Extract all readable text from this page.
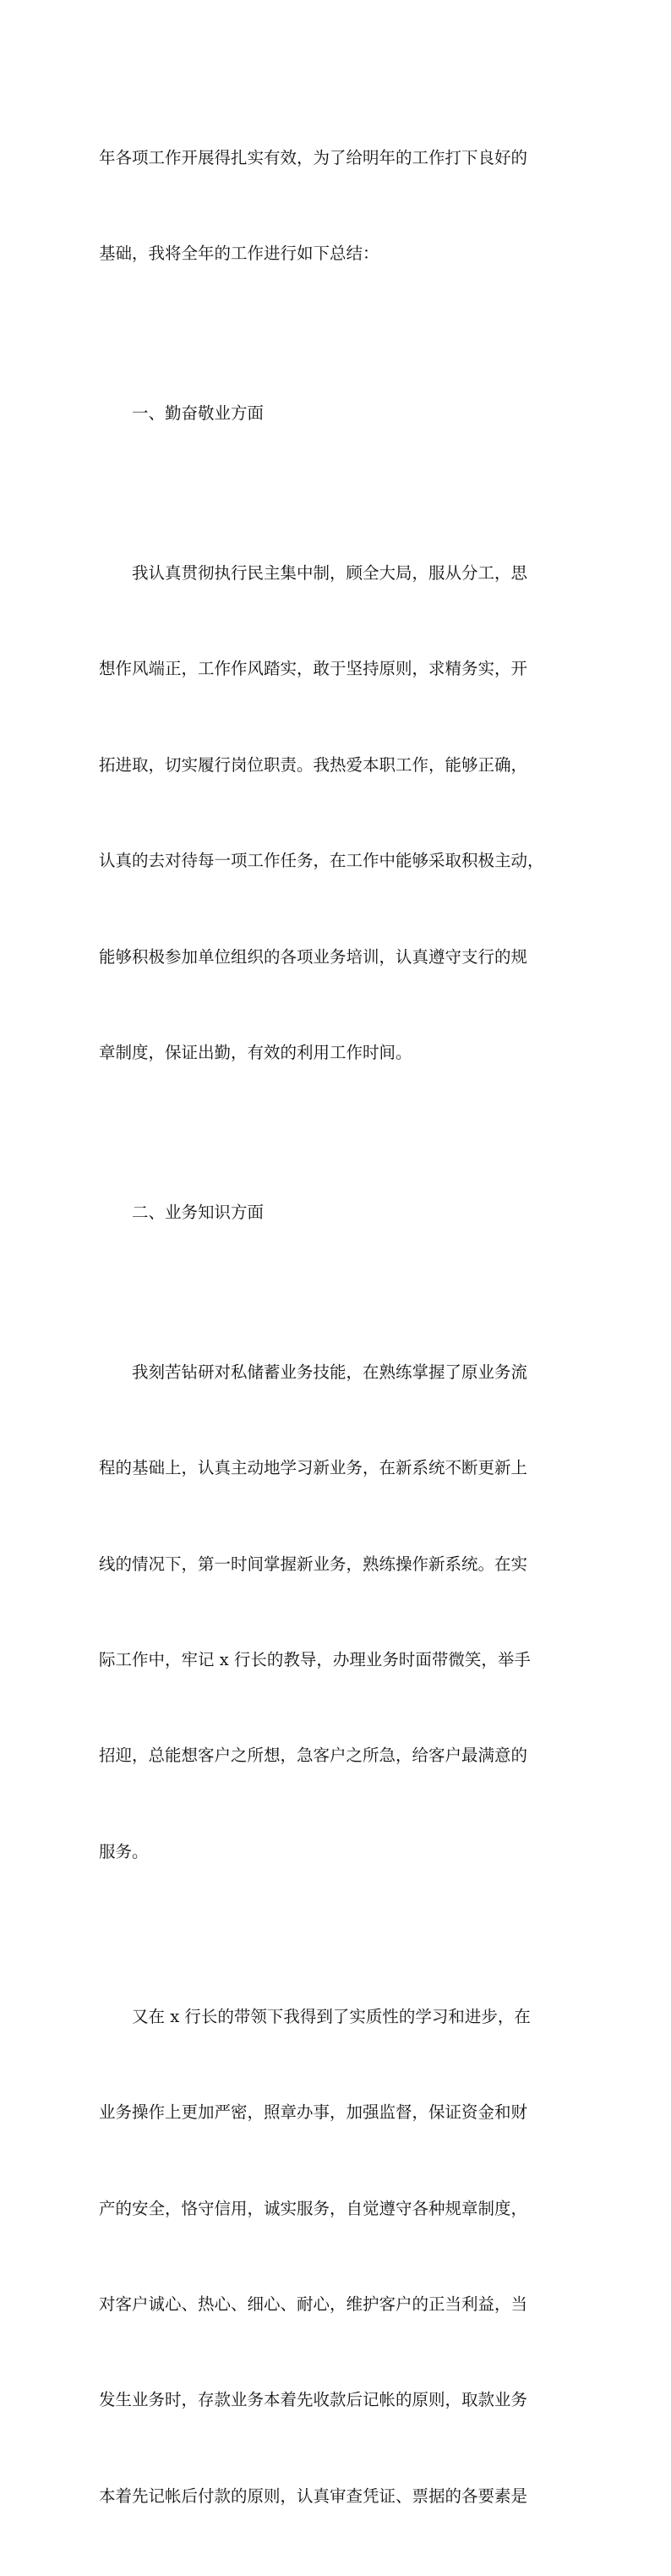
年各项工作开展得扎实有效，为了给明年的工作打下良好的

基础，我将全年的工作进行如下总结：

一、勤奋敬业方面

我认真贯彻执行民主集中制，顾全大局，服从分工，思

想作风端正，工作作风踏实，敢于坚持原则，求精务实，开

拓进取，切实履行岗位职责。我热爱本职工作，能够正确，

认真的去对待每一项工作任务，在工作中能够采取积极主动，

能够积极参加单位组织的各项业务培训，认真遵守支行的规

章制度，保证出勤，有效的利用工作时间。

二、业务知识方面

我刻苦钻研对私储蓄业务技能，在熟练掌握了原业务流

程的基础上，认真主动地学习新业务，在新系统不断更新上

线的情况下，第一时间掌握新业务，熟练操作新系统。在实

际工作中，牢记 x 行长的教导，办理业务时面带微笑，举手

招迎，总能想客户之所想，急客户之所急，给客户最满意的

服务。

又在 x 行长的带领下我得到了实质性的学习和进步，在

业务操作上更加严密，照章办事，加强监督，保证资金和财

产的安全，恪守信用，诚实服务，自觉遵守各种规章制度，

对客户诚心、热心、细心、耐心，维护客户的正当利益，当

发生业务时，存款业务本着先收款后记帐的原则，取款业务

本着先记帐后付款的原则，认真审查凭证、票据的各要素是
